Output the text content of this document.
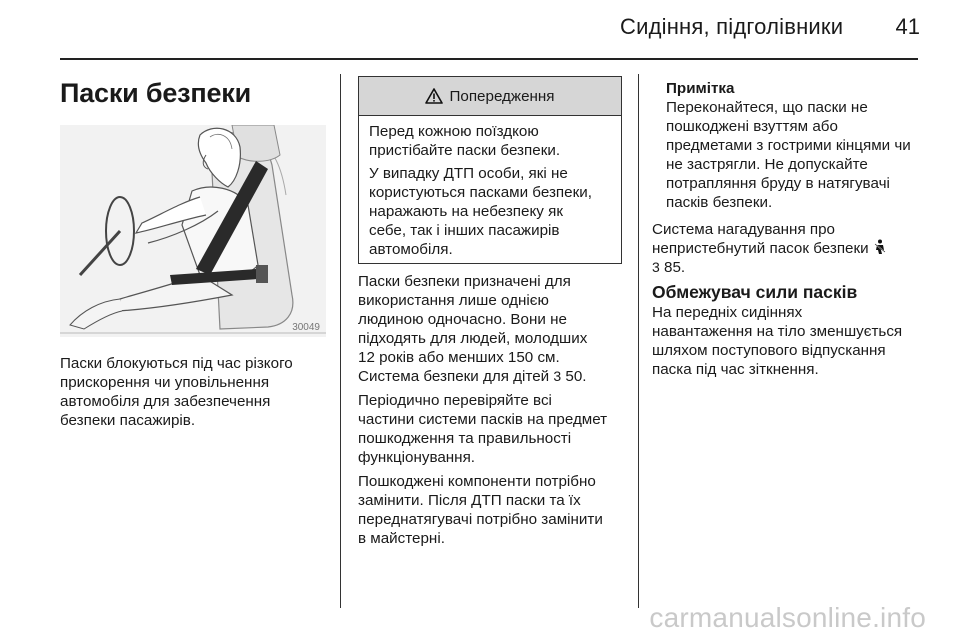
Сидіння, підголівники 41
Паски безпеки
30049
Паски блокуються під час різкого
прискорення чи уповільнення
автомобіля для забезпечення
безпеки пасажирів.
Попередження

Перед кожною поїздкою
пристібайте паски безпеки.

У випадку ДТП особи, які не
користуються пасками безпеки,
наражають на небезпеку як
себе, так і інших пасажирів
автомобіля.

Паски безпеки призначені для
використання лише однією
людиною одночасно. Вони не
підходять для людей, молодших
12 років або менших 150 см.
Система безпеки для дітей 3 50.

Періодично перевіряйте всі
частини системи пасків на предмет
пошкодження та правильності
функціонування.

Пошкоджені компоненти потрібно
замінити. Після ДТП паски та їх
переднатягувачі потрібно замінити
в майстерні.

Примітка
Переконайтеся, що паски не
пошкоджені взуттям або
предметами з гострими кінцями чи
не застрягли. Не допускайте
потрапляння бруду в натягувачі
пасків безпеки.

Система нагадування про
непристебнутий пасок безпеки
3 85.

Обмежувач сили пасків

На передніх сидіннях
навантаження на тіло зменшується
шляхом поступового відпускання
паска під час зіткнення.

carmanualsonline.info
